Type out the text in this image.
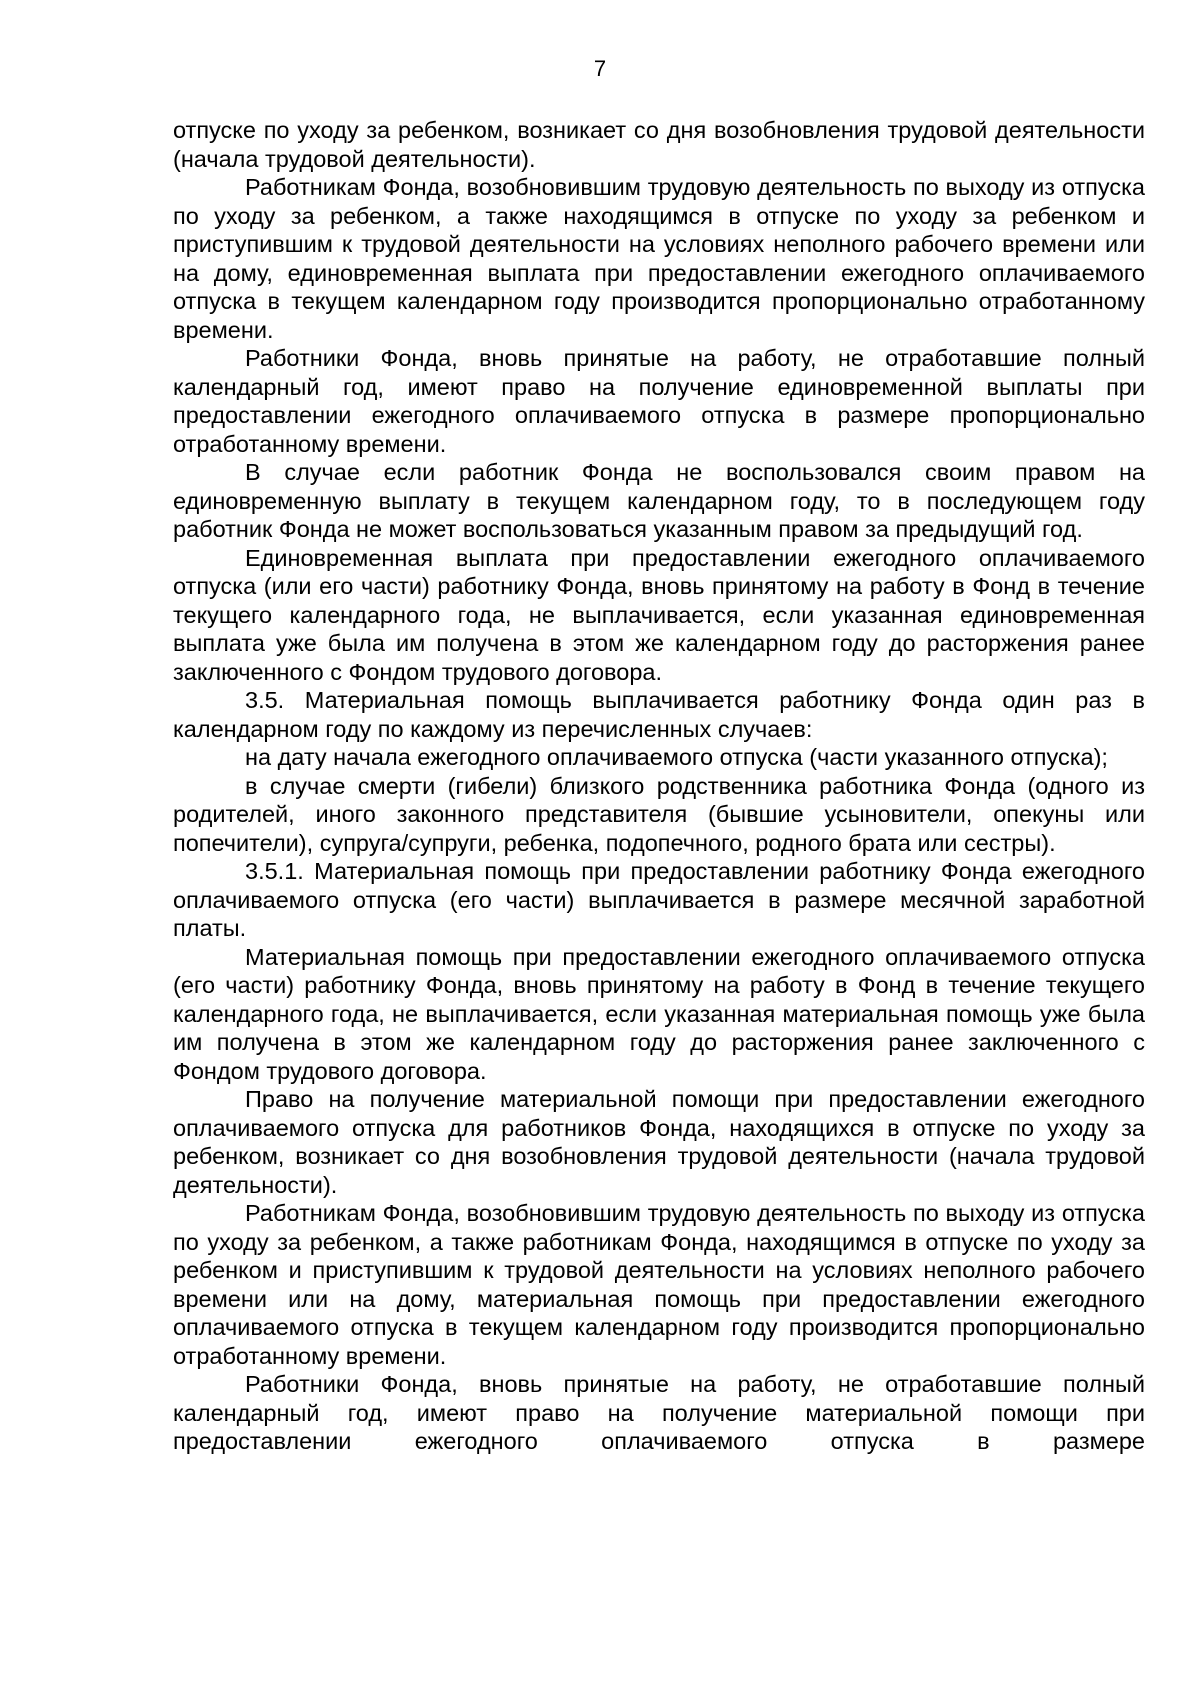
7

отпуске по уходу за ребенком, возникает со дня возобновления трудовой деятельности (начала трудовой деятельности).

Работникам Фонда, возобновившим трудовую деятельность по выходу из отпуска по уходу за ребенком, а также находящимся в отпуске по уходу за ребенком и приступившим к трудовой деятельности на условиях неполного рабочего времени или на дому, единовременная выплата при предоставлении ежегодного оплачиваемого отпуска в текущем календарном году производится пропорционально отработанному времени.

Работники Фонда, вновь принятые на работу, не отработавшие полный календарный год, имеют право на получение единовременной выплаты при предоставлении ежегодного оплачиваемого отпуска в размере пропорционально отработанному времени.

В случае если работник Фонда не воспользовался своим правом на единовременную выплату в текущем календарном году, то в последующем году работник Фонда не может воспользоваться указанным правом за предыдущий год.

Единовременная выплата при предоставлении ежегодного оплачиваемого отпуска (или его части) работнику Фонда, вновь принятому на работу в Фонд в течение текущего календарного года, не выплачивается, если указанная единовременная выплата уже была им получена в этом же календарном году до расторжения ранее заключенного с Фондом трудового договора.

3.5. Материальная помощь выплачивается работнику Фонда один раз в календарном году по каждому из перечисленных случаев:

на дату начала ежегодного оплачиваемого отпуска (части указанного отпуска);

в случае смерти (гибели) близкого родственника работника Фонда (одного из родителей, иного законного представителя (бывшие усыновители, опекуны или попечители), супруга/супруги, ребенка, подопечного, родного брата или сестры).

3.5.1. Материальная помощь при предоставлении работнику Фонда ежегодного оплачиваемого отпуска (его части) выплачивается в размере месячной заработной платы.

Материальная помощь при предоставлении ежегодного оплачиваемого отпуска (его части) работнику Фонда, вновь принятому на работу в Фонд в течение текущего календарного года, не выплачивается, если указанная материальная помощь уже была им получена в этом же календарном году до расторжения ранее заключенного с Фондом трудового договора.

Право на получение материальной помощи при предоставлении ежегодного оплачиваемого отпуска для работников Фонда, находящихся в отпуске по уходу за ребенком, возникает со дня возобновления трудовой деятельности (начала трудовой деятельности).

Работникам Фонда, возобновившим трудовую деятельность по выходу из отпуска по уходу за ребенком, а также работникам Фонда, находящимся в отпуске по уходу за ребенком и приступившим к трудовой деятельности на условиях неполного рабочего времени или на дому, материальная помощь при предоставлении ежегодного оплачиваемого отпуска в текущем календарном году производится пропорционально отработанному времени.

Работники Фонда, вновь принятые на работу, не отработавшие полный календарный год, имеют право на получение материальной помощи при предоставлении ежегодного оплачиваемого отпуска в размере
